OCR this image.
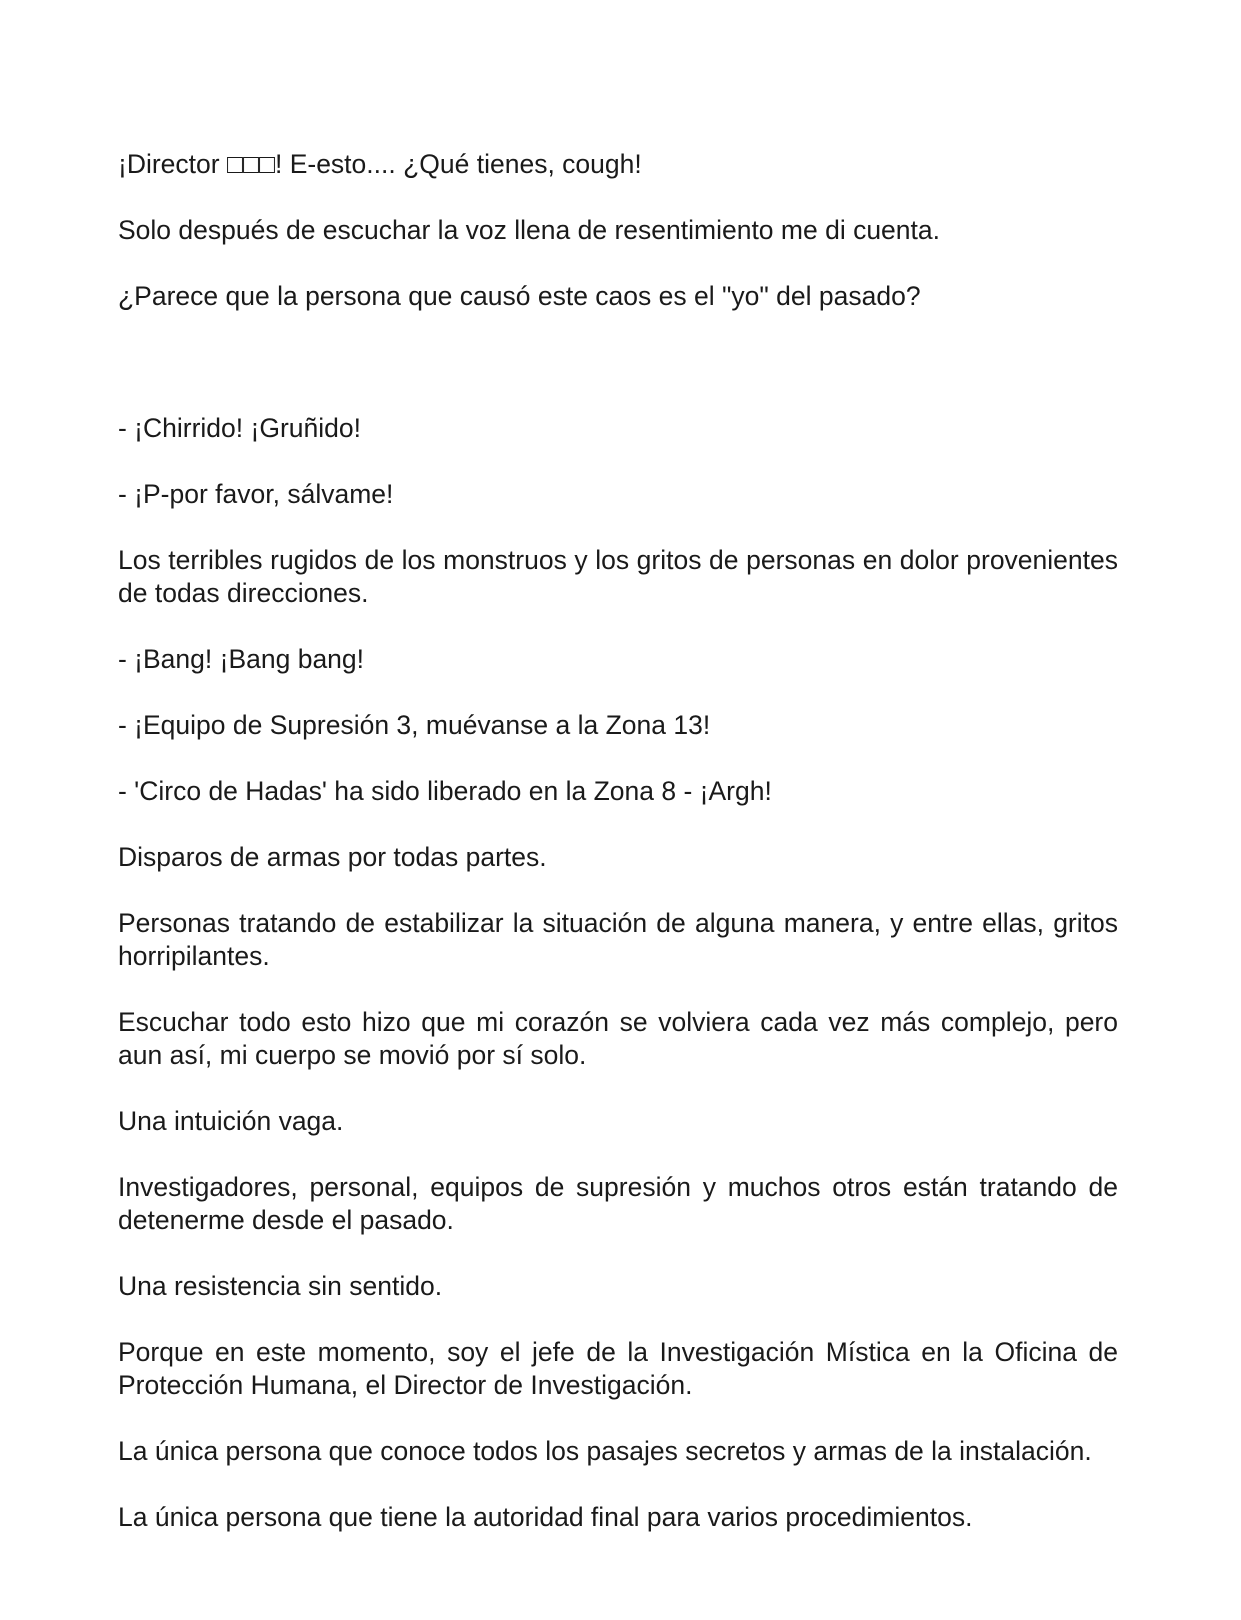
¡Director □□□! E-esto.... ¿Qué tienes, cough!

Solo después de escuchar la voz llena de resentimiento me di cuenta.

¿Parece que la persona que causó este caos es el "yo" del pasado?

- ¡Chirrido! ¡Gruñido!

- ¡P-por favor, sálvame!

Los terribles rugidos de los monstruos y los gritos de personas en dolor provenientes de todas direcciones.

- ¡Bang! ¡Bang bang!

- ¡Equipo de Supresión 3, muévanse a la Zona 13!

- 'Circo de Hadas' ha sido liberado en la Zona 8 - ¡Argh!

Disparos de armas por todas partes.

Personas tratando de estabilizar la situación de alguna manera, y entre ellas, gritos horripilantes.

Escuchar todo esto hizo que mi corazón se volviera cada vez más complejo, pero aun así, mi cuerpo se movió por sí solo.

Una intuición vaga.

Investigadores, personal, equipos de supresión y muchos otros están tratando de detenerme desde el pasado.

Una resistencia sin sentido.

Porque en este momento, soy el jefe de la Investigación Mística en la Oficina de Protección Humana, el Director de Investigación.

La única persona que conoce todos los pasajes secretos y armas de la instalación.

La única persona que tiene la autoridad final para varios procedimientos.
